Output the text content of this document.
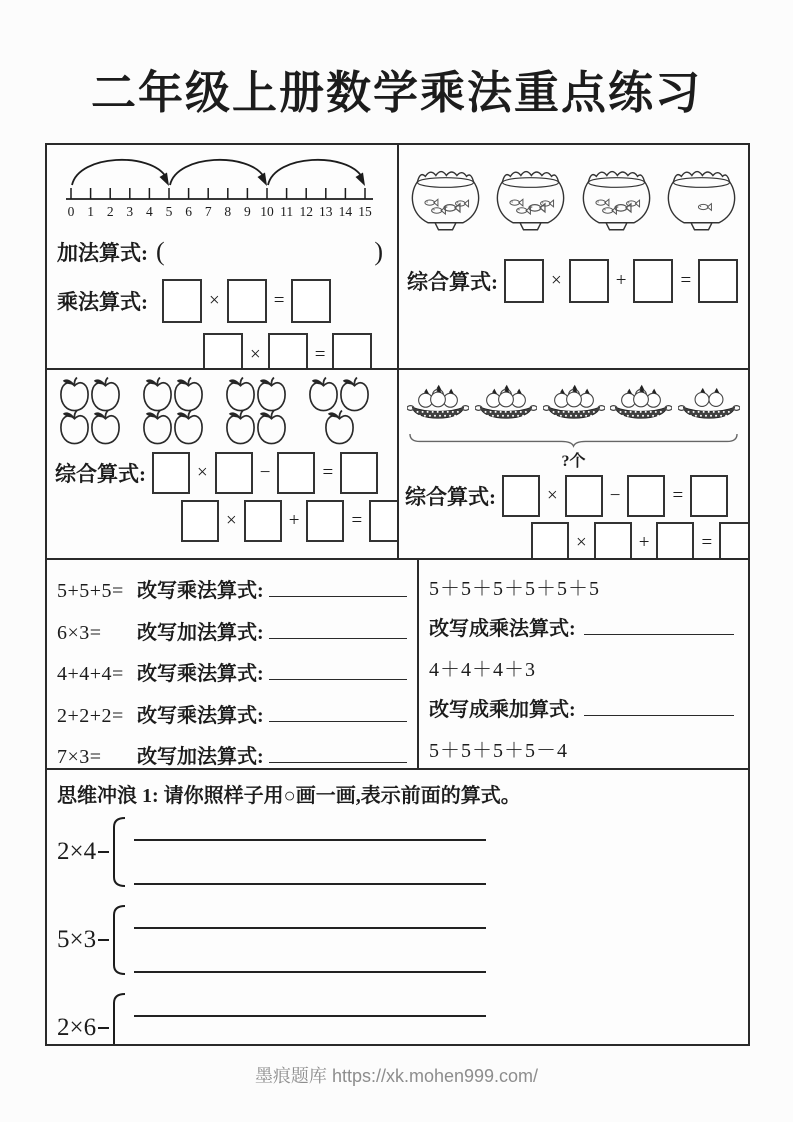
二年级上册数学乘法重点练习
0 1 2 3 4 5 6 7 8 9 10 11 12 13 14 15
加法算式: (	)
乘法算式:	×	=
×	=
综合算式:	×	+	=
综合算式:	×	−	=
×	+	=
?个
综合算式:	×	−	=
×	+	=
5+5+5= 改写乘法算式:
6×3=	改写加法算式:
4+4+4= 改写乘法算式:
2+2+2= 改写乘法算式:
7×3=	改写加法算式:
5＋5＋5＋5＋5＋5
改写成乘法算式:
4＋4＋4＋3
改写成乘加算式:
5＋5＋5＋5－4
思维冲浪 1: 请你照样子用○画一画,表示前面的算式。
2×4
5×3
2×6
墨痕题库 https://xk.mohen999.com/
